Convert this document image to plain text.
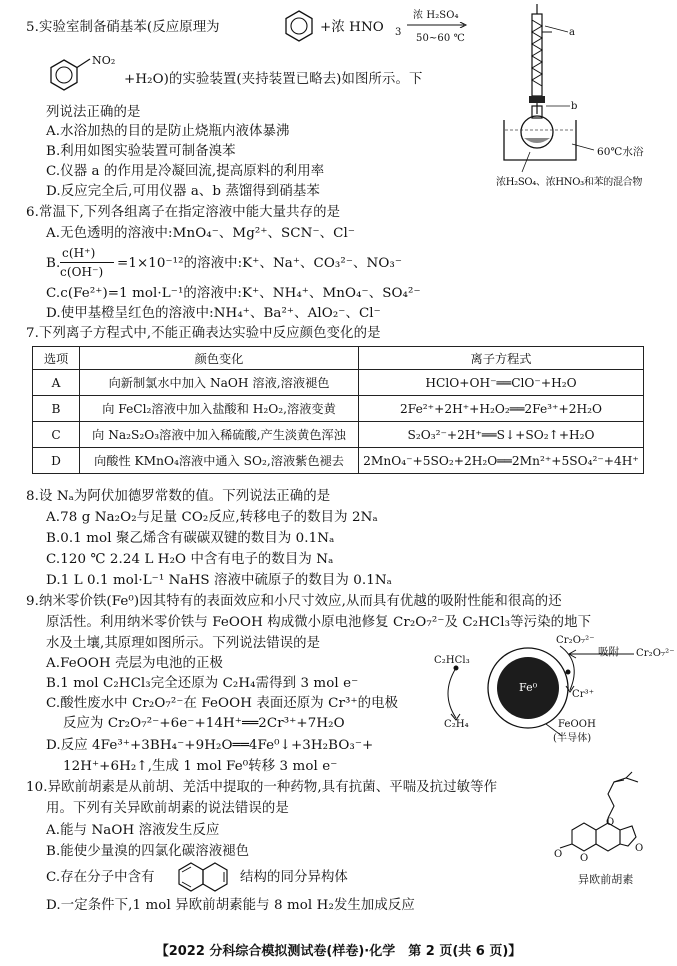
5.实验室制备硝基苯(反应原理为	+浓 HNO 3
浓 H₂SO₄
50~60 ℃
NO₂
+H₂O)的实验装置(夹持装置已略去)如图所示。下
列说法正确的是
A.水浴加热的目的是防止烧瓶内液体暴沸
B.利用如图实验装置可制备溴苯
C.仪器 a 的作用是冷凝回流,提高原料的利用率
D.反应完全后,可用仪器 a、b 蒸馏得到硝基苯
a
b
60℃水浴
浓H₂SO₄、浓HNO₃和苯的混合物
6.常温下,下列各组离子在指定溶液中能大量共存的是
A.无色透明的溶液中:MnO₄⁻、Mg²⁺、SCN⁻、Cl⁻
B.
c(H⁺)
c(OH⁻)
=1×10⁻¹²的溶液中:K⁺、Na⁺、CO₃²⁻、NO₃⁻
C.c(Fe²⁺)=1 mol·L⁻¹的溶液中:K⁺、NH₄⁺、MnO₄⁻、SO₄²⁻
D.使甲基橙呈红色的溶液中:NH₄⁺、Ba²⁺、AlO₂⁻、Cl⁻
7.下列离子方程式中,不能正确表达实验中反应颜色变化的是
选项	颜色变化	离子方程式
A	向新制氯水中加入 NaOH 溶液,溶液褪色	HClO+OH⁻══ClO⁻+H₂O
B	向 FeCl₂溶液中加入盐酸和 H₂O₂,溶液变黄	2Fe²⁺+2H⁺+H₂O₂══2Fe³⁺+2H₂O
C	向 Na₂S₂O₃溶液中加入稀硫酸,产生淡黄色浑浊	S₂O₃²⁻+2H⁺══S↓+SO₂↑+H₂O
D	向酸性 KMnO₄溶液中通入 SO₂,溶液紫色褪去	2MnO₄⁻+5SO₂+2H₂O══2Mn²⁺+5SO₄²⁻+4H⁺
8.设 Nₐ为阿伏加德罗常数的值。下列说法正确的是
A.78 g Na₂O₂与足量 CO₂反应,转移电子的数目为 2Nₐ
B.0.1 mol 聚乙烯含有碳碳双键的数目为 0.1Nₐ
C.120 ℃ 2.24 L H₂O 中含有电子的数目为 Nₐ
D.1 L 0.1 mol·L⁻¹ NaHS 溶液中硫原子的数目为 0.1Nₐ
9.纳米零价铁(Fe⁰)因其特有的表面效应和小尺寸效应,从而具有优越的吸附性能和很高的还
原活性。利用纳米零价铁与 FeOOH 构成微小原电池修复 Cr₂O₇²⁻及 C₂HCl₃等污染的地下
水及土壤,其原理如图所示。下列说法错误的是
A.FeOOH 壳层为电池的正极
B.1 mol C₂HCl₃完全还原为 C₂H₄需得到 3 mol e⁻
C.酸性废水中 Cr₂O₇²⁻在 FeOOH 表面还原为 Cr³⁺的电极
反应为 Cr₂O₇²⁻+6e⁻+14H⁺══2Cr³⁺+7H₂O
D.反应 4Fe³⁺+3BH₄⁻+9H₂O══4Fe⁰↓+3H₂BO₃⁻+
12H⁺+6H₂↑,生成 1 mol Fe⁰转移 3 mol e⁻
Cr₂O₇²⁻
吸附 Cr₂O₇²⁻
C₂HCl₃
Fe⁰
Cr³⁺
C₂H₄	FeOOH
(半导体)
10.异欧前胡素是从前胡、羌活中提取的一种药物,具有抗菌、平喘及抗过敏等作
用。下列有关异欧前胡素的说法错误的是
A.能与 NaOH 溶液发生反应
B.能使少量溴的四氯化碳溶液褪色
C.存在分子中含有	结构的同分异构体
D.一定条件下,1 mol 异欧前胡素能与 8 mol H₂发生加成反应
O
O O
O
异欧前胡素
【2022 分科综合模拟测试卷(样卷)·化学　第 2 页(共 6 页)】
